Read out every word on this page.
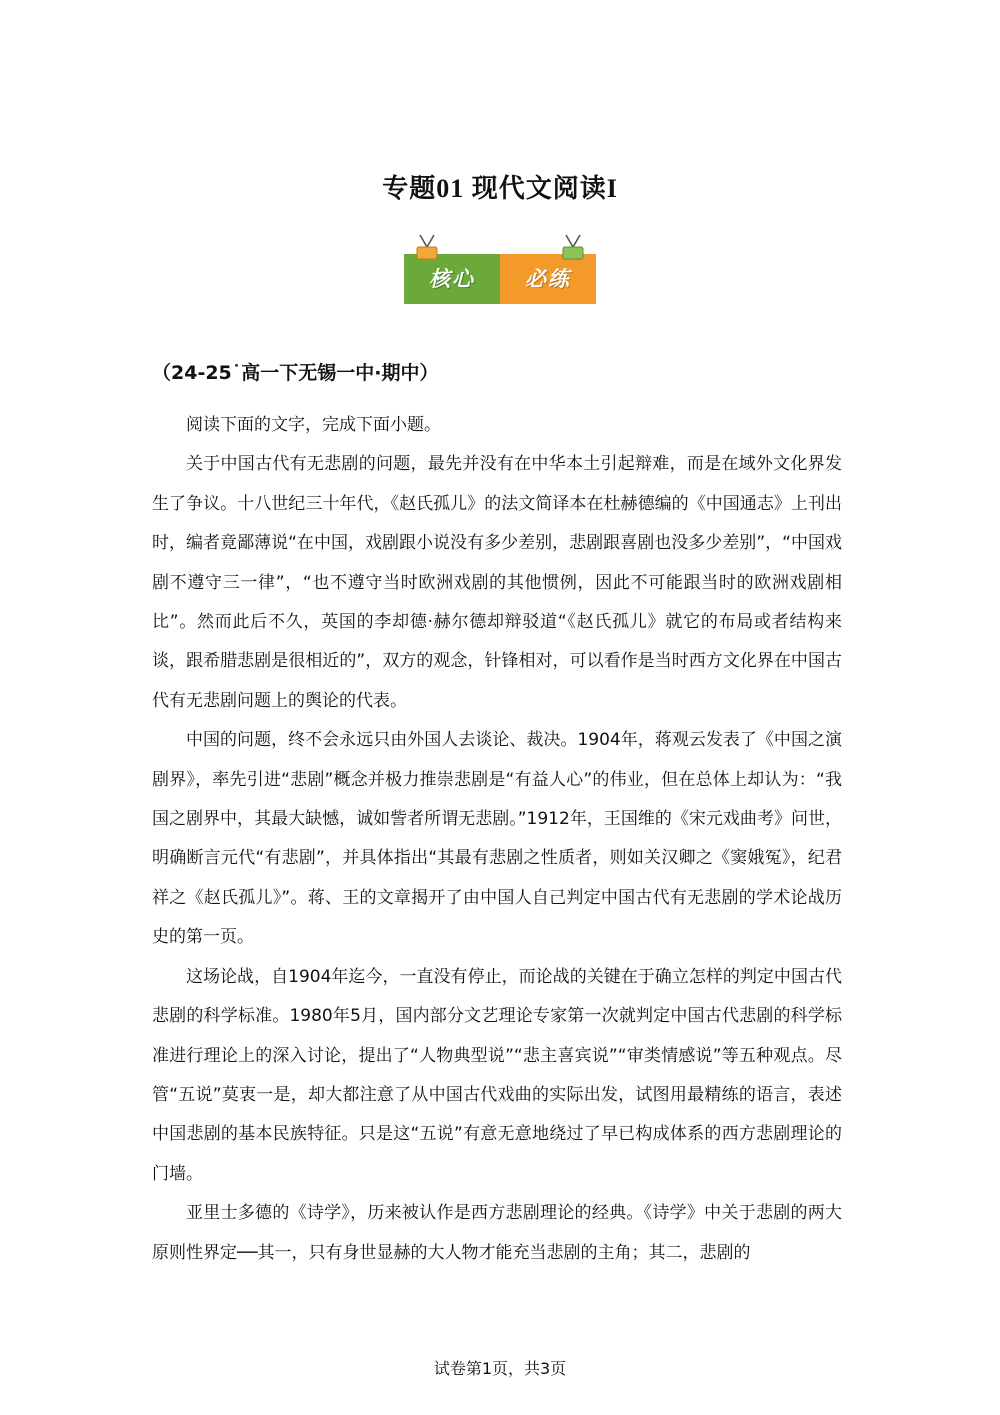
专题01 现代文阅读I
核心	必练
（24-25˙高一下无锡一中·期中）

阅读下面的文字，完成下面小题。

关于中国古代有无悲剧的问题，最先并没有在中华本土引起辩难，而是在域外文化界发生了争议。十八世纪三十年代，《赵氏孤儿》的法文简译本在杜赫德编的《中国通志》上刊出时，编者竟鄙薄说“在中国，戏剧跟小说没有多少差别，悲剧跟喜剧也没多少差别”，“中国戏剧不遵守三一律”，“也不遵守当时欧洲戏剧的其他惯例，因此不可能跟当时的欧洲戏剧相比”。然而此后不久，英国的李却德·赫尔德却辩驳道“《赵氏孤儿》就它的布局或者结构来谈，跟希腊悲剧是很相近的”，双方的观念，针锋相对，可以看作是当时西方文化界在中国古代有无悲剧问题上的舆论的代表。

中国的问题，终不会永远只由外国人去谈论、裁决。1904年，蒋观云发表了《中国之演剧界》，率先引进“悲剧”概念并极力推崇悲剧是“有益人心”的伟业，但在总体上却认为：“我国之剧界中，其最大缺憾，诚如訾者所谓无悲剧。”1912年，王国维的《宋元戏曲考》问世，明确断言元代“有悲剧”，并具体指出“其最有悲剧之性质者，则如关汉卿之《窦娥冤》，纪君祥之《赵氏孤儿》”。蒋、王的文章揭开了由中国人自己判定中国古代有无悲剧的学术论战历史的第一页。

这场论战，自1904年迄今，一直没有停止，而论战的关键在于确立怎样的判定中国古代悲剧的科学标准。1980年5月，国内部分文艺理论专家第一次就判定中国古代悲剧的科学标准进行理论上的深入讨论，提出了“人物典型说”“悲主喜宾说”“审类情感说”等五种观点。尽管“五说”莫衷一是，却大都注意了从中国古代戏曲的实际出发，试图用最精练的语言，表述中国悲剧的基本民族特征。只是这“五说”有意无意地绕过了早已构成体系的西方悲剧理论的门墙。

亚里士多德的《诗学》，历来被认作是西方悲剧理论的经典。《诗学》中关于悲剧的两大原则性界定──其一，只有身世显赫的大人物才能充当悲剧的主角；其二，悲剧的

试卷第1页，共3页
